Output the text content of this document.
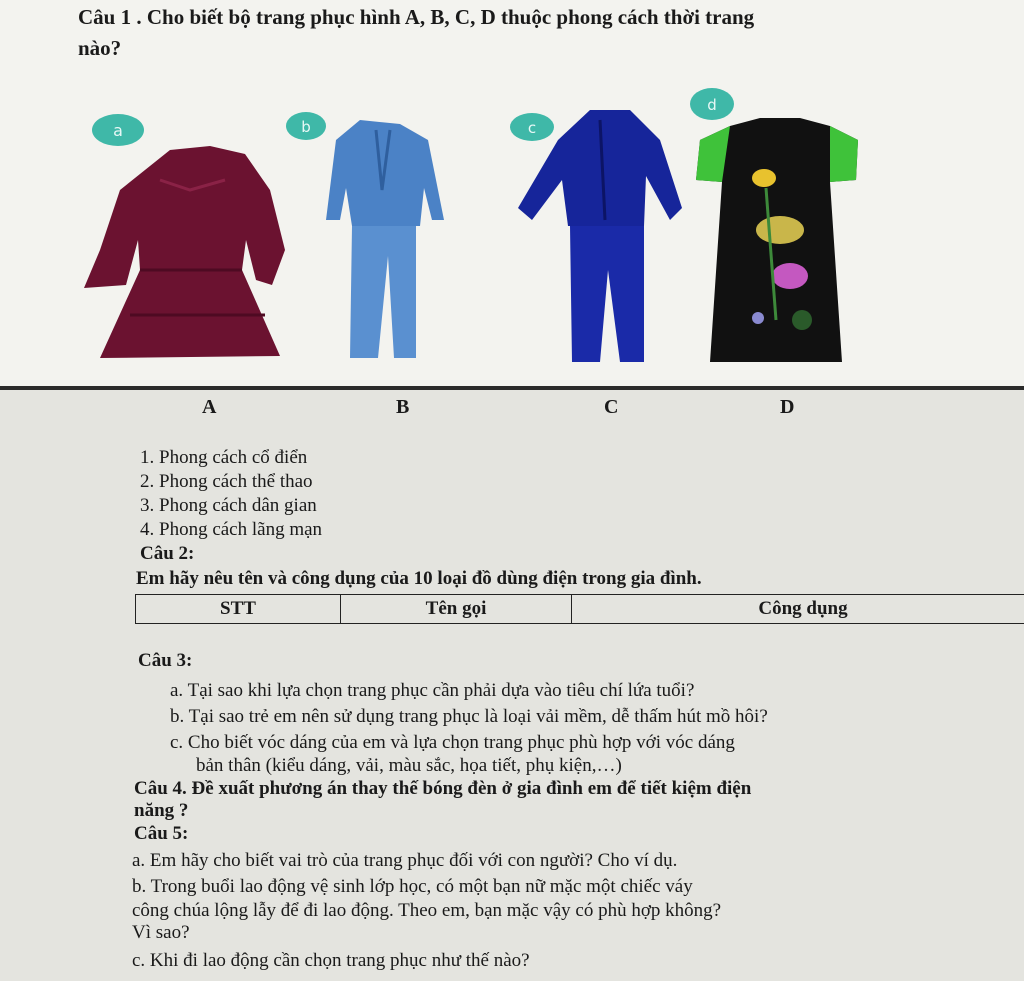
Câu 1 . Cho biết bộ trang phục hình A, B, C, D thuộc phong cách thời trang
nào?
a	b	c
d
A	B	C	D
1. Phong cách cổ điển
2. Phong cách thể thao
3. Phong cách dân gian
4. Phong cách lãng mạn
Câu 2:
Em hãy nêu tên và công dụng của 10 loại đồ dùng điện trong gia đình.
STT	Tên gọi	Công dụng
Câu 3:
a. Tại sao khi lựa chọn trang phục cần phải dựa vào tiêu chí lứa tuổi?
b. Tại sao trẻ em nên sử dụng trang phục là loại vải mềm, dễ thấm hút mồ hôi?
c. Cho biết vóc dáng của em và lựa chọn trang phục phù hợp với vóc dáng
bản thân (kiểu dáng, vải, màu sắc, họa tiết, phụ kiện,…)
Câu 4. Đề xuất phương án thay thế bóng đèn ở gia đình em để tiết kiệm điện
năng ?
Câu 5:
a. Em hãy cho biết vai trò của trang phục đối với con người? Cho ví dụ.
b. Trong buổi lao động vệ sinh lớp học, có một bạn nữ mặc một chiếc váy
công chúa lộng lẫy để đi lao động. Theo em, bạn mặc vậy có phù hợp không?
Vì sao?
c. Khi đi lao động cần chọn trang phục như thế nào?
